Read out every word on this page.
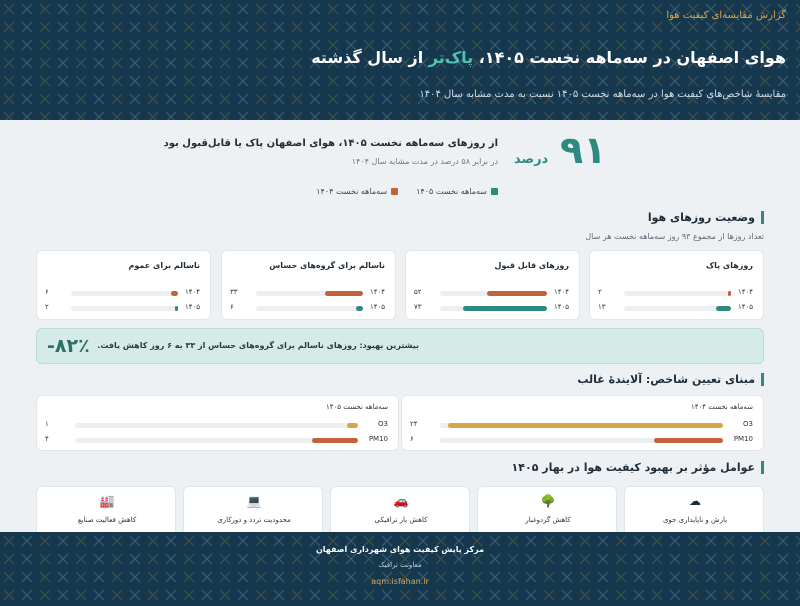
گزارش مقایسه‌ای کیفیت هوا
هوای اصفهان در سه‌ماهه نخست ۱۴۰۵، پاک‌تر از سال گذشته
مقایسهٔ شاخص‌های کیفیت هوا در سه‌ماهه نخست ۱۴۰۵ نسبت به مدت مشابه سال ۱۴۰۴
درصد ۹۱
از روزهای سه‌ماهه نخست ۱۴۰۵، هوای اصفهان پاک یا قابل‌قبول بود
در برابر ۵۸ درصد در مدت مشابه سال ۱۴۰۴
سه‌ماهه نخست ۱۴۰۵
سه‌ماهه نخست ۱۴۰۴
وضعیت روزهای هوا
تعداد روزها از مجموع ۹۳ روز سه‌ماهه نخست هر سال
روزهای پاک
۱۴۰۴
۲
۱۴۰۵
۱۳
روزهای قابل قبول
۱۴۰۴
۵۲
۱۴۰۵
۷۳
ناسالم برای گروه‌های حساس
۱۴۰۴
۳۳
۱۴۰۵
۶
ناسالم برای عموم
۱۴۰۴
۶
۱۴۰۵
۲
-۸۲٪ بیشترین بهبود: روزهای ناسالم برای گروه‌های حساس از ۳۳ به ۶ روز کاهش یافت.
مبنای تعیین شاخص: آلایندهٔ غالب
سه‌ماهه نخست ۱۴۰۴
O3
۲۴
PM10
۶
سه‌ماهه نخست ۱۴۰۵
O3
۱
PM10
۴
عوامل مؤثر بر بهبود کیفیت هوا در بهار ۱۴۰۵
☁
بارش و ناپایداری جوی
🌳
کاهش گردوغبار
🚗
کاهش بار ترافیکی
💻
محدودیت تردد و دورکاری
🏭
کاهش فعالیت صنایع
مرکز پایش کیفیت هوای شهرداری اصفهان
معاونت ترافیک
aqm.isfahan.ir
